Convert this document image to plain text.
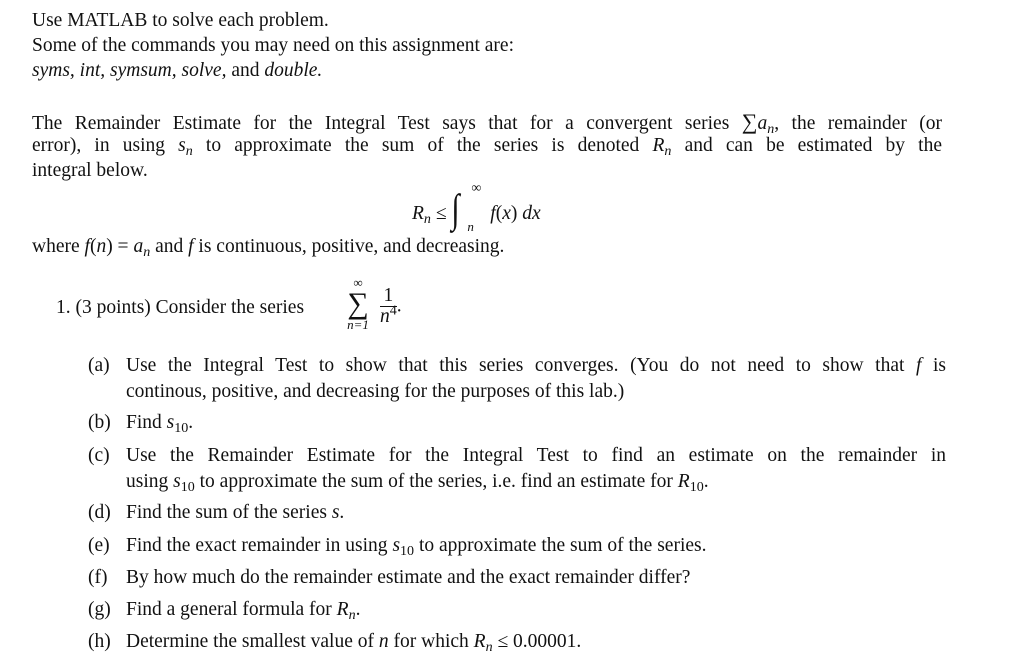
Use MATLAB to solve each problem.
Some of the commands you may need on this assignment are:
syms, int, symsum, solve, and double.
The Remainder Estimate for the Integral Test says that for a convergent series $\sum a_n$, the remainder (or
error), in using $s_n$ to approximate the sum of the series is denoted $R_n$ and can be estimated by the
integral below.
$R_n$ ≤ ∫ ∞
n
f(x) dx
where $f(n) = a_n$ and f is continuous, positive, and decreasing.
1. (3 points) Consider the series
∞
∑
$n=1 \frac{1}{n^4}$ .
(a) Use the Integral Test to show that this series converges. (You do not need to show that f is
continous, positive, and decreasing for the purposes of this lab.)
(b) Find $s_{10}$.
(c) Use the Remainder Estimate for the Integral Test to find an estimate on the remainder in
using $s_{10}$ to approximate the sum of the series, i.e. find an estimate for $R_{10}$.
(d) Find the sum of the series s.
(e) Find the exact remainder in using $s_{10}$ to approximate the sum of the series.
(f) By how much do the remainder estimate and the exact remainder differ?
(g) Find a general formula for $R_n$.
(h) Determine the smallest value of n for which $R_n \le 0.00001$.
